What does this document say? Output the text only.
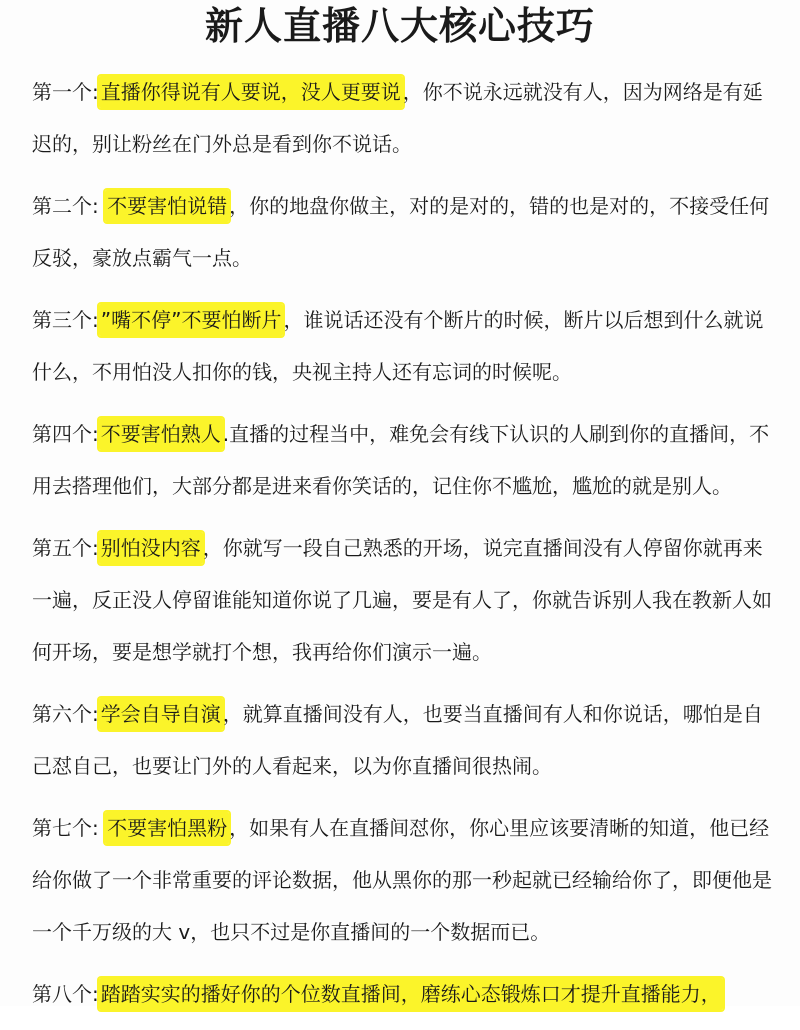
新人直播八大核心技巧
第一个: 直播你得说有人要说，没人更要说 ，你不说永远就没有人，因为网络是有延迟的，别让粉丝在门外总是看到你不说话。
第二个: 不要害怕说错 ，你的地盘你做主，对的是对的，错的也是对的，不接受任何反驳，豪放点霸气一点。
第三个: ”嘴不停”不要怕断片 ，谁说话还没有个断片的时候，断片以后想到什么就说什么，不用怕没人扣你的钱，央视主持人还有忘词的时候呢。
第四个: 不要害怕熟人 .直播的过程当中，难免会有线下认识的人刷到你的直播间，不用去搭理他们，大部分都是进来看你笑话的，记住你不尴尬，尴尬的就是别人。
第五个: 别怕没内容 ，你就写一段自己熟悉的开场，说完直播间没有人停留你就再来一遍，反正没人停留谁能知道你说了几遍，要是有人了，你就告诉别人我在教新人如何开场，要是想学就打个想，我再给你们演示一遍。
第六个: 学会自导自演 ，就算直播间没有人，也要当直播间有人和你说话，哪怕是自己怼自己，也要让门外的人看起来，以为你直播间很热闹。
第七个: 不要害怕黑粉 ，如果有人在直播间怼你，你心里应该要清晰的知道，他已经给你做了一个非常重要的评论数据，他从黑你的那一秒起就已经输给你了，即便他是一个千万级的大 v，也只不过是你直播间的一个数据而已。
第八个: 踏踏实实的播好你的个位数直播间，磨练心态锻炼口才提升直播能力，
